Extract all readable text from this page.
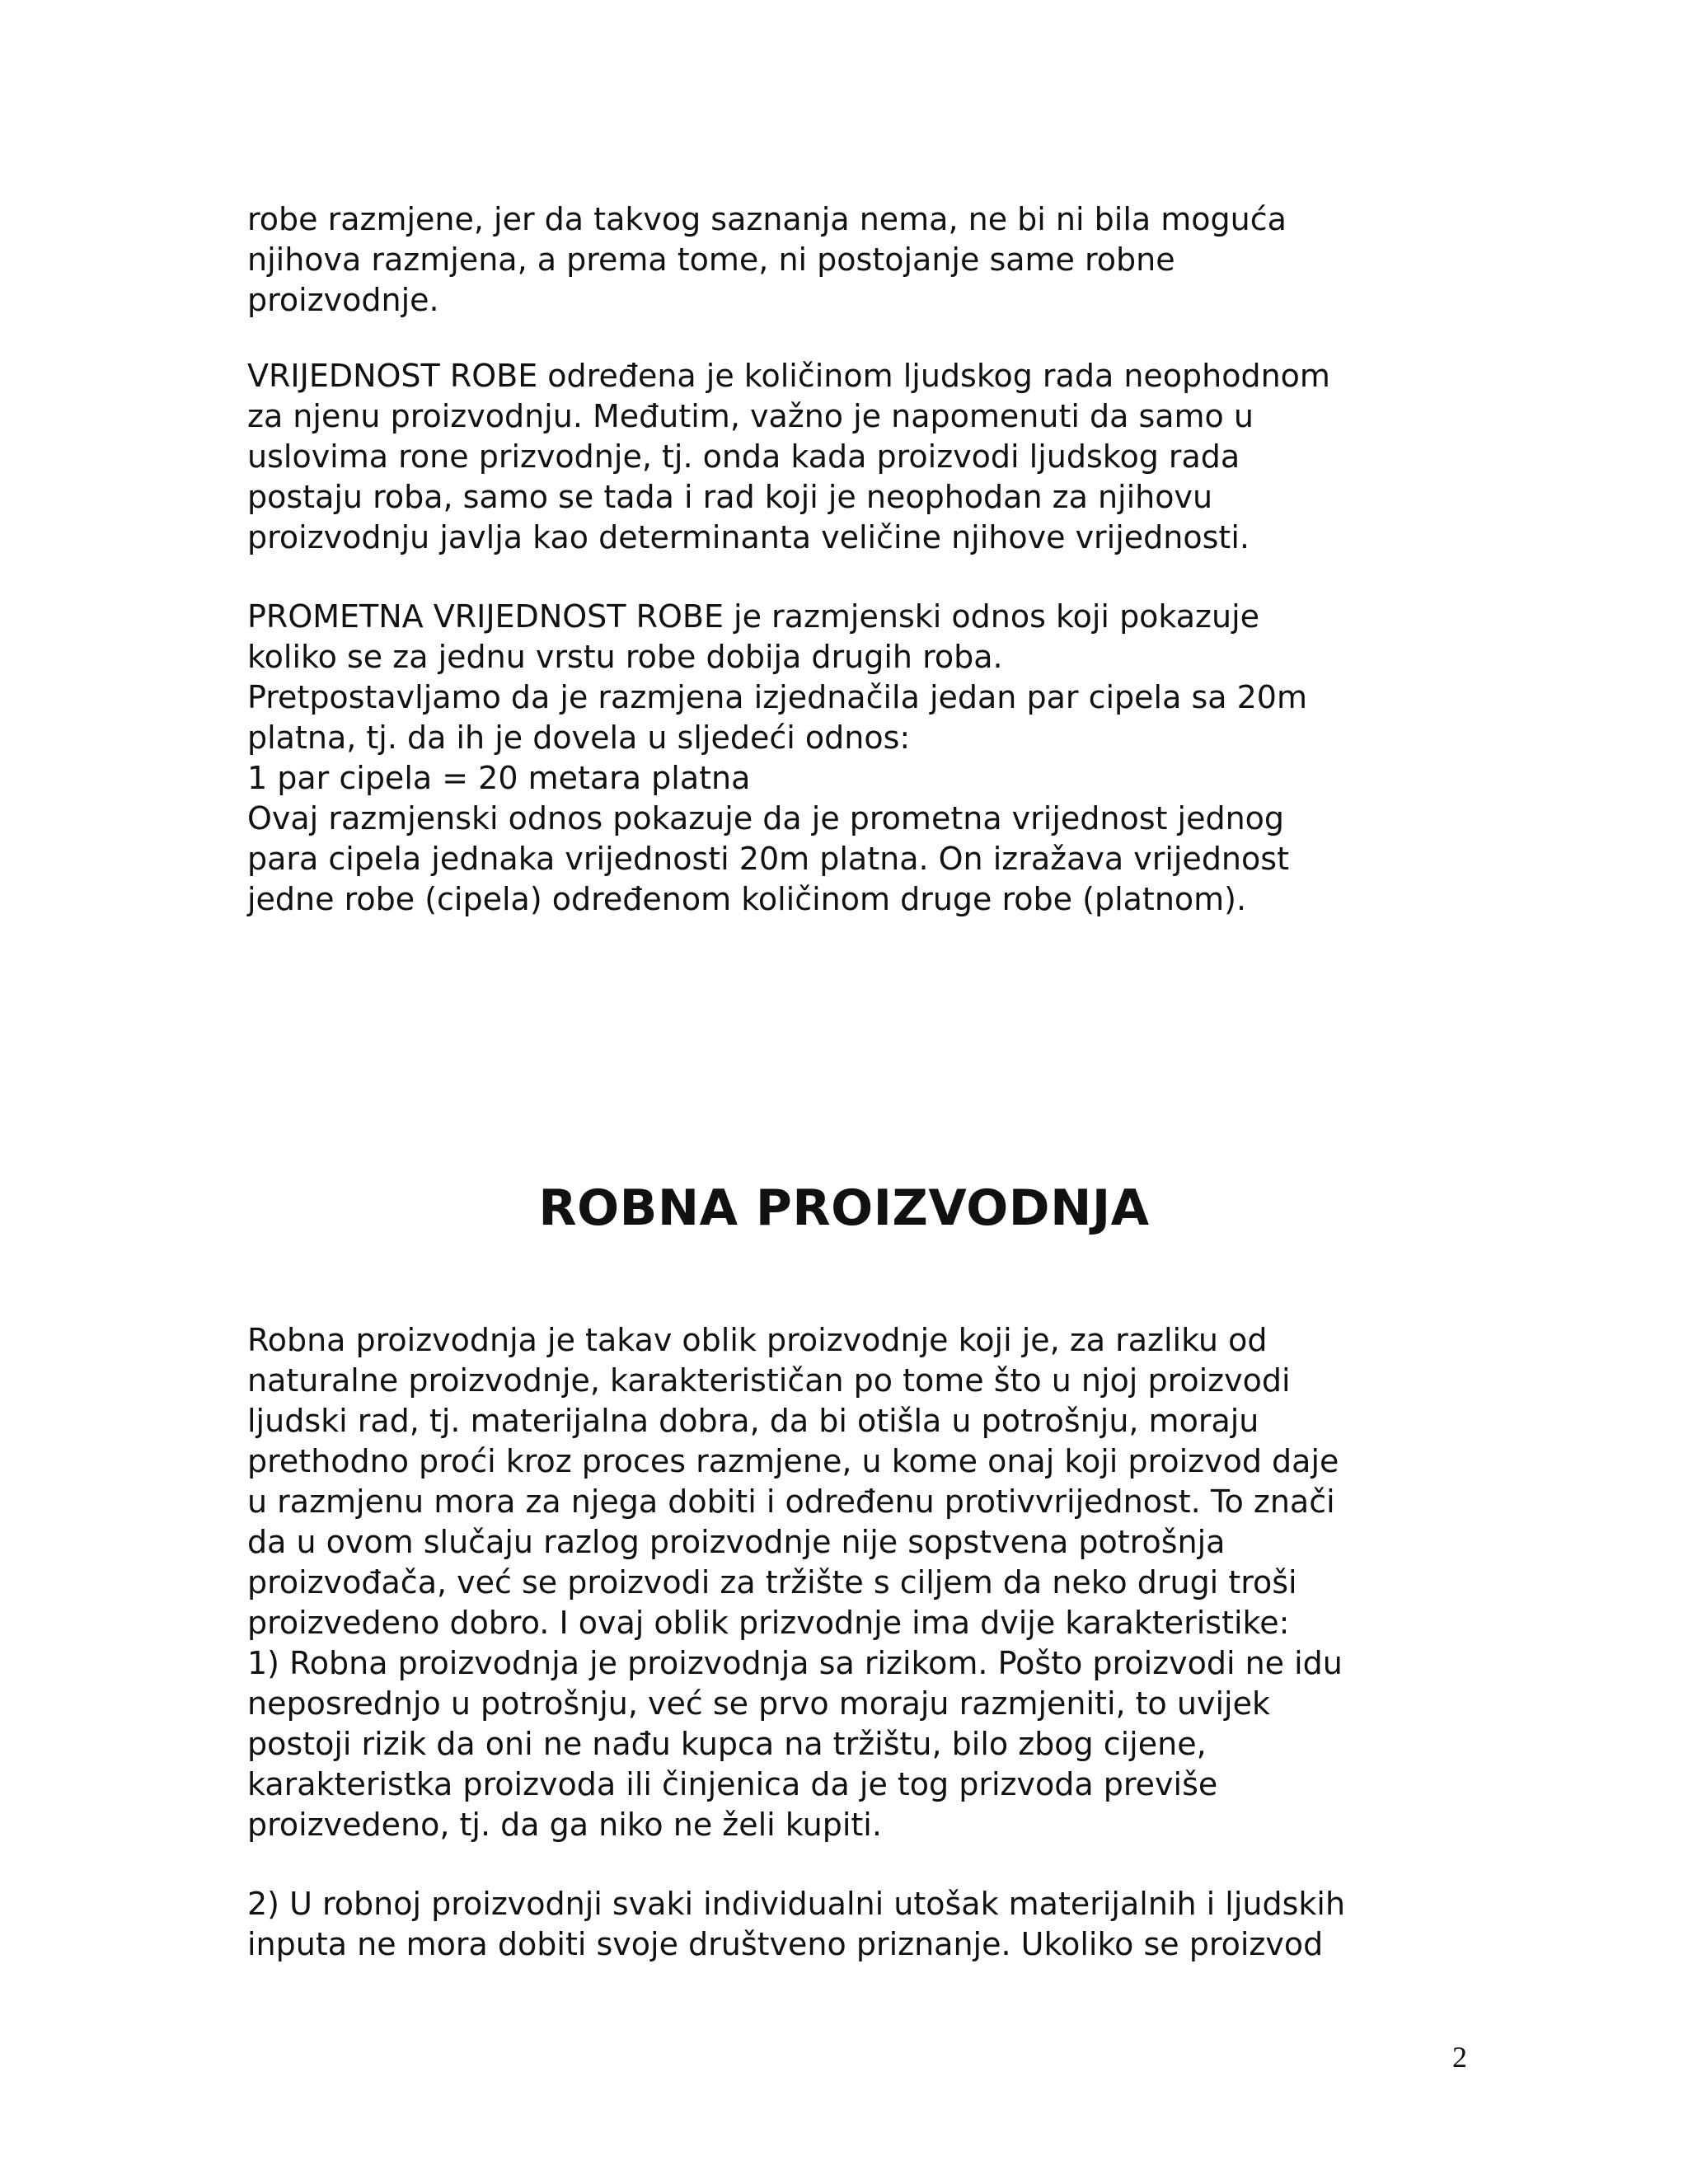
robe razmjene, jer da takvog saznanja nema, ne bi ni bila moguća
njihova razmjena, a prema tome, ni postojanje same robne
proizvodnje.
VRIJEDNOST ROBE određena je količinom ljudskog rada neophodnom
za njenu proizvodnju. Međutim, važno je napomenuti da samo u
uslovima rone prizvodnje, tj. onda kada proizvodi ljudskog rada
postaju roba, samo se tada i rad koji je neophodan za njihovu
proizvodnju javlja kao determinanta veličine njihove vrijednosti.
PROMETNA VRIJEDNOST ROBE je razmjenski odnos koji pokazuje
koliko se za jednu vrstu robe dobija drugih roba.
Pretpostavljamo da je razmjena izjednačila jedan par cipela sa 20m
platna, tj. da ih je dovela u sljedeći odnos:
1 par cipela = 20 metara platna
Ovaj razmjenski odnos pokazuje da je prometna vrijednost jednog
para cipela jednaka vrijednosti 20m platna. On izražava vrijednost
jedne robe (cipela) određenom količinom druge robe (platnom).
ROBNA PROIZVODNJA
Robna proizvodnja je takav oblik proizvodnje koji je, za razliku od
naturalne proizvodnje, karakterističan po tome što u njoj proizvodi
ljudski rad, tj. materijalna dobra, da bi otišla u potrošnju, moraju
prethodno proći kroz proces razmjene, u kome onaj koji proizvod daje
u razmjenu mora za njega dobiti i određenu protivvrijednost. To znači
da u ovom slučaju razlog proizvodnje nije sopstvena potrošnja
proizvođača, već se proizvodi za tržište s ciljem da neko drugi troši
proizvedeno dobro. I ovaj oblik prizvodnje ima dvije karakteristike:
1) Robna proizvodnja je proizvodnja sa rizikom. Pošto proizvodi ne idu
neposrednjo u potrošnju, već se prvo moraju razmjeniti, to uvijek
postoji rizik da oni ne nađu kupca na tržištu, bilo zbog cijene,
karakteristka proizvoda ili činjenica da je tog prizvoda previše
proizvedeno, tj. da ga niko ne želi kupiti.
2) U robnoj proizvodnji svaki individualni utošak materijalnih i ljudskih
inputa ne mora dobiti svoje društveno priznanje. Ukoliko se proizvod
2
